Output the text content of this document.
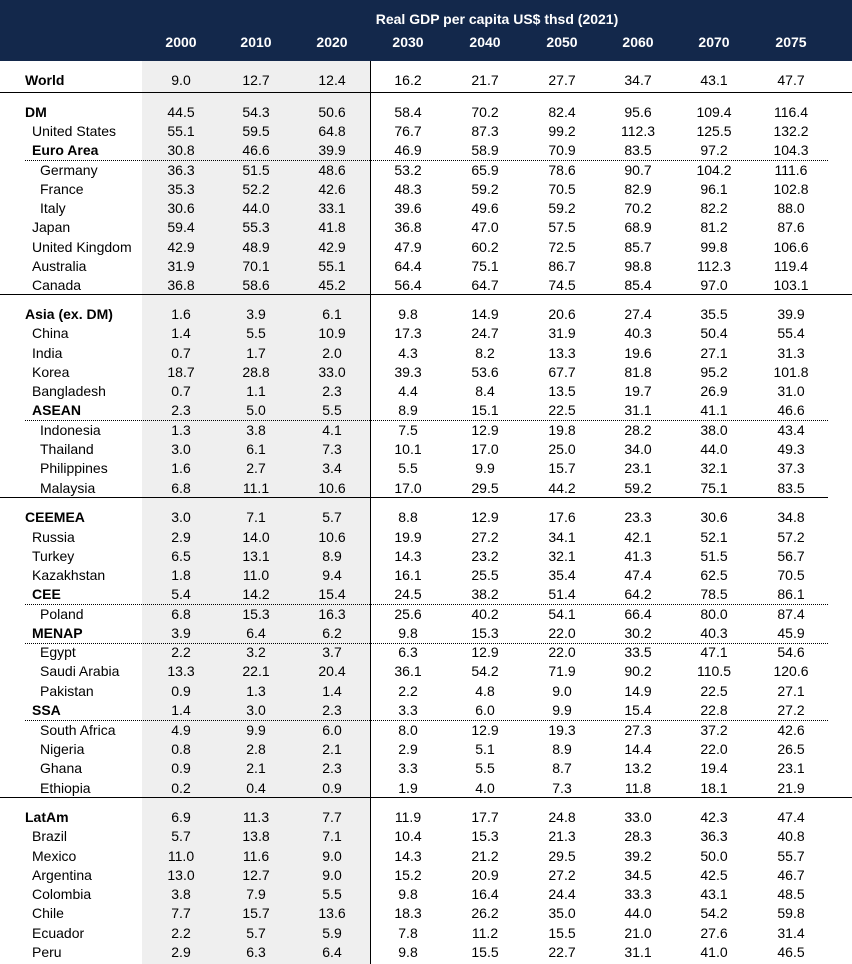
Real GDP per capita US$ thsd (2021)
2000	2010	2020	2030	2040	2050	2060	2070	2075
World	9.0	12.7	12.4	16.2	21.7	27.7	34.7	43.1	47.7
DM	44.5	54.3	50.6	58.4	70.2	82.4	95.6	109.4	116.4
United States	55.1	59.5	64.8	76.7	87.3	99.2	112.3	125.5	132.2
Euro Area	30.8	46.6	39.9	46.9	58.9	70.9	83.5	97.2	104.3
Germany	36.3	51.5	48.6	53.2	65.9	78.6	90.7	104.2	111.6
France	35.3	52.2	42.6	48.3	59.2	70.5	82.9	96.1	102.8
Italy	30.6	44.0	33.1	39.6	49.6	59.2	70.2	82.2	88.0
Japan	59.4	55.3	41.8	36.8	47.0	57.5	68.9	81.2	87.6
United Kingdom	42.9	48.9	42.9	47.9	60.2	72.5	85.7	99.8	106.6
Australia	31.9	70.1	55.1	64.4	75.1	86.7	98.8	112.3	119.4
Canada	36.8	58.6	45.2	56.4	64.7	74.5	85.4	97.0	103.1
Asia (ex. DM)	1.6	3.9	6.1	9.8	14.9	20.6	27.4	35.5	39.9
China	1.4	5.5	10.9	17.3	24.7	31.9	40.3	50.4	55.4
India	0.7	1.7	2.0	4.3	8.2	13.3	19.6	27.1	31.3
Korea	18.7	28.8	33.0	39.3	53.6	67.7	81.8	95.2	101.8
Bangladesh	0.7	1.1	2.3	4.4	8.4	13.5	19.7	26.9	31.0
ASEAN	2.3	5.0	5.5	8.9	15.1	22.5	31.1	41.1	46.6
Indonesia	1.3	3.8	4.1	7.5	12.9	19.8	28.2	38.0	43.4
Thailand	3.0	6.1	7.3	10.1	17.0	25.0	34.0	44.0	49.3
Philippines	1.6	2.7	3.4	5.5	9.9	15.7	23.1	32.1	37.3
Malaysia	6.8	11.1	10.6	17.0	29.5	44.2	59.2	75.1	83.5
CEEMEA	3.0	7.1	5.7	8.8	12.9	17.6	23.3	30.6	34.8
Russia	2.9	14.0	10.6	19.9	27.2	34.1	42.1	52.1	57.2
Turkey	6.5	13.1	8.9	14.3	23.2	32.1	41.3	51.5	56.7
Kazakhstan	1.8	11.0	9.4	16.1	25.5	35.4	47.4	62.5	70.5
CEE	5.4	14.2	15.4	24.5	38.2	51.4	64.2	78.5	86.1
Poland	6.8	15.3	16.3	25.6	40.2	54.1	66.4	80.0	87.4
MENAP	3.9	6.4	6.2	9.8	15.3	22.0	30.2	40.3	45.9
Egypt	2.2	3.2	3.7	6.3	12.9	22.0	33.5	47.1	54.6
Saudi Arabia	13.3	22.1	20.4	36.1	54.2	71.9	90.2	110.5	120.6
Pakistan	0.9	1.3	1.4	2.2	4.8	9.0	14.9	22.5	27.1
SSA	1.4	3.0	2.3	3.3	6.0	9.9	15.4	22.8	27.2
South Africa	4.9	9.9	6.0	8.0	12.9	19.3	27.3	37.2	42.6
Nigeria	0.8	2.8	2.1	2.9	5.1	8.9	14.4	22.0	26.5
Ghana	0.9	2.1	2.3	3.3	5.5	8.7	13.2	19.4	23.1
Ethiopia	0.2	0.4	0.9	1.9	4.0	7.3	11.8	18.1	21.9
LatAm	6.9	11.3	7.7	11.9	17.7	24.8	33.0	42.3	47.4
Brazil	5.7	13.8	7.1	10.4	15.3	21.3	28.3	36.3	40.8
Mexico	11.0	11.6	9.0	14.3	21.2	29.5	39.2	50.0	55.7
Argentina	13.0	12.7	9.0	15.2	20.9	27.2	34.5	42.5	46.7
Colombia	3.8	7.9	5.5	9.8	16.4	24.4	33.3	43.1	48.5
Chile	7.7	15.7	13.6	18.3	26.2	35.0	44.0	54.2	59.8
Ecuador	2.2	5.7	5.9	7.8	11.2	15.5	21.0	27.6	31.4
Peru	2.9	6.3	6.4	9.8	15.5	22.7	31.1	41.0	46.5
